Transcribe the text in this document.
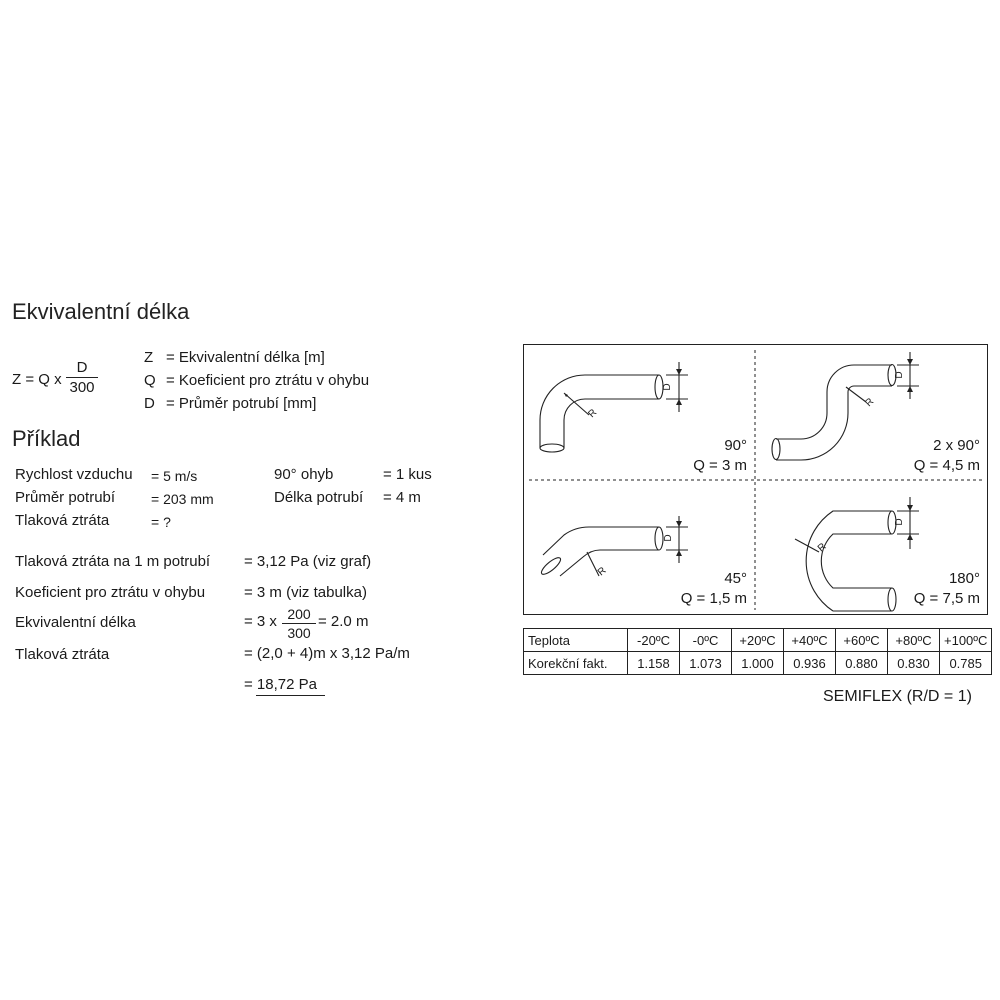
Ekvivalentní délka
Z = Q x $\frac{D}{300}$
Z = Ekvivalentní délka [m]
Q = Koeficient pro ztrátu v ohybu
D = Průměr potrubí [mm]
Příklad
Rychlost vzduchu = 5 m/s
Průměr potrubí	= 203 mm
Tlaková ztráta	= ?
90° ohyb	= 1 kus
Délka potrubí = 4 m
Tlaková ztráta na 1 m potrubí = 3,12 Pa (viz graf)
Koeficient pro ztrátu v ohybu	= 3 m (viz tabulka)
Ekvivalentní délka	= 3 x $\frac{200}{300} = 2.0$ m
Tlaková ztráta	= (2,0 + 4)m x 3,12 Pa/m
= 18,72 Pa
D
R
90°
Q = 3 m
D
R
2 x 90°
Q = 4,5 m
D
R	45°
Q = 1,5 m
D
R
180°
Q = 7,5 m
Teplota	-20ºC	-0ºC	+20ºC	+40ºC	+60ºC	+80ºC	+100ºC
Korekční fakt.	1.158	1.073	1.000	0.936	0.880	0.830	0.785
SEMIFLEX (R/D = 1)
